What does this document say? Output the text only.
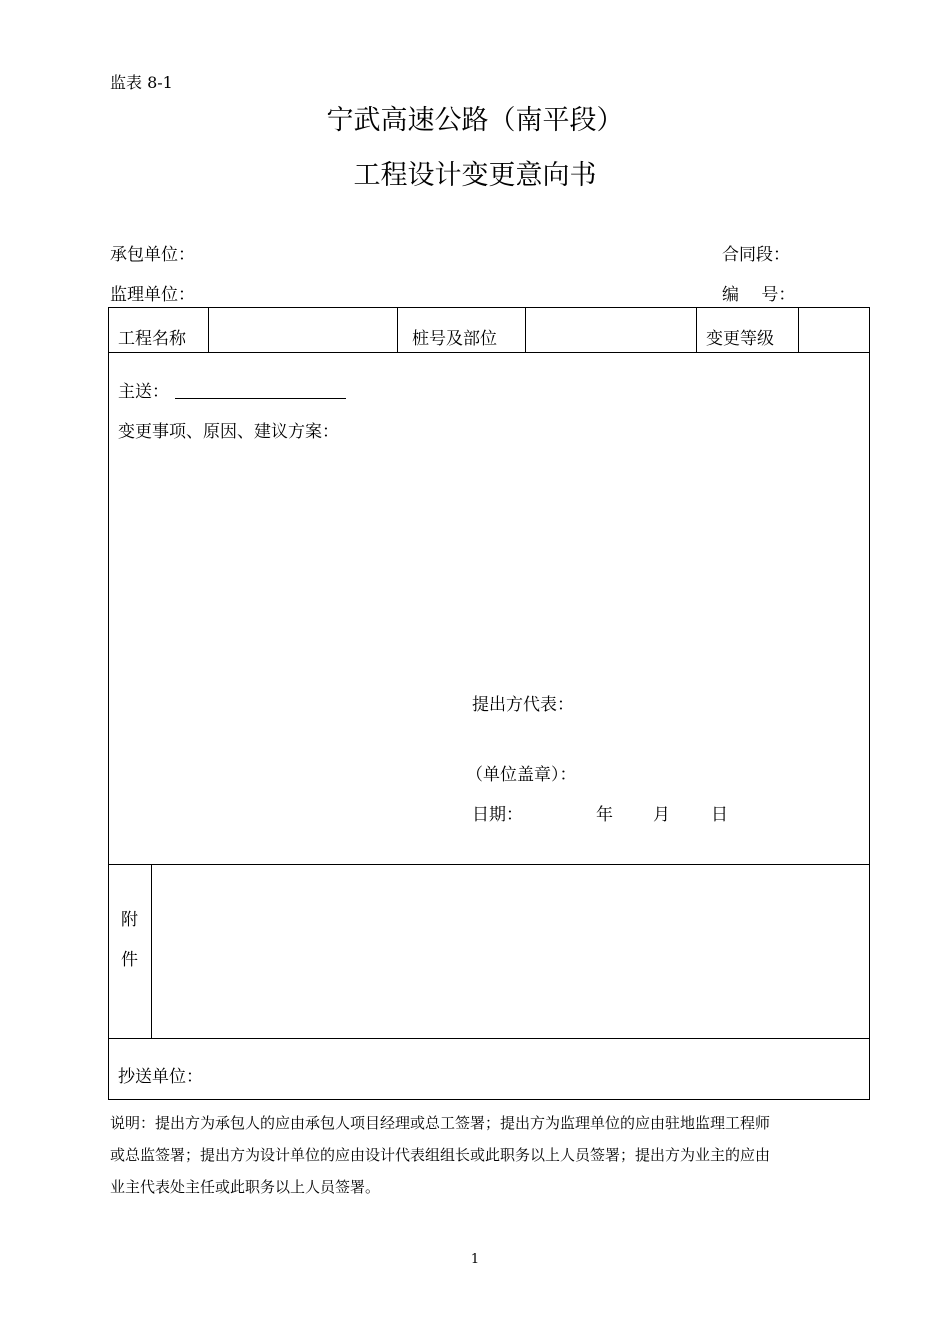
监表 8-1
宁武高速公路（南平段）
工程设计变更意向书
承包单位：	合同段：
监理单位：	编　 号：
工程名称	桩号及部位	变更等级
主送：
变更事项、原因、建议方案：
提出方代表：
（单位盖章）：
日期：	年 月 日
附
件
抄送单位：
说明：提出方为承包人的应由承包人项目经理或总工签署；提出方为监理单位的应由驻地监理工程师
或总监签署；提出方为设计单位的应由设计代表组组长或此职务以上人员签署；提出方为业主的应由
业主代表处主任或此职务以上人员签署。
1
